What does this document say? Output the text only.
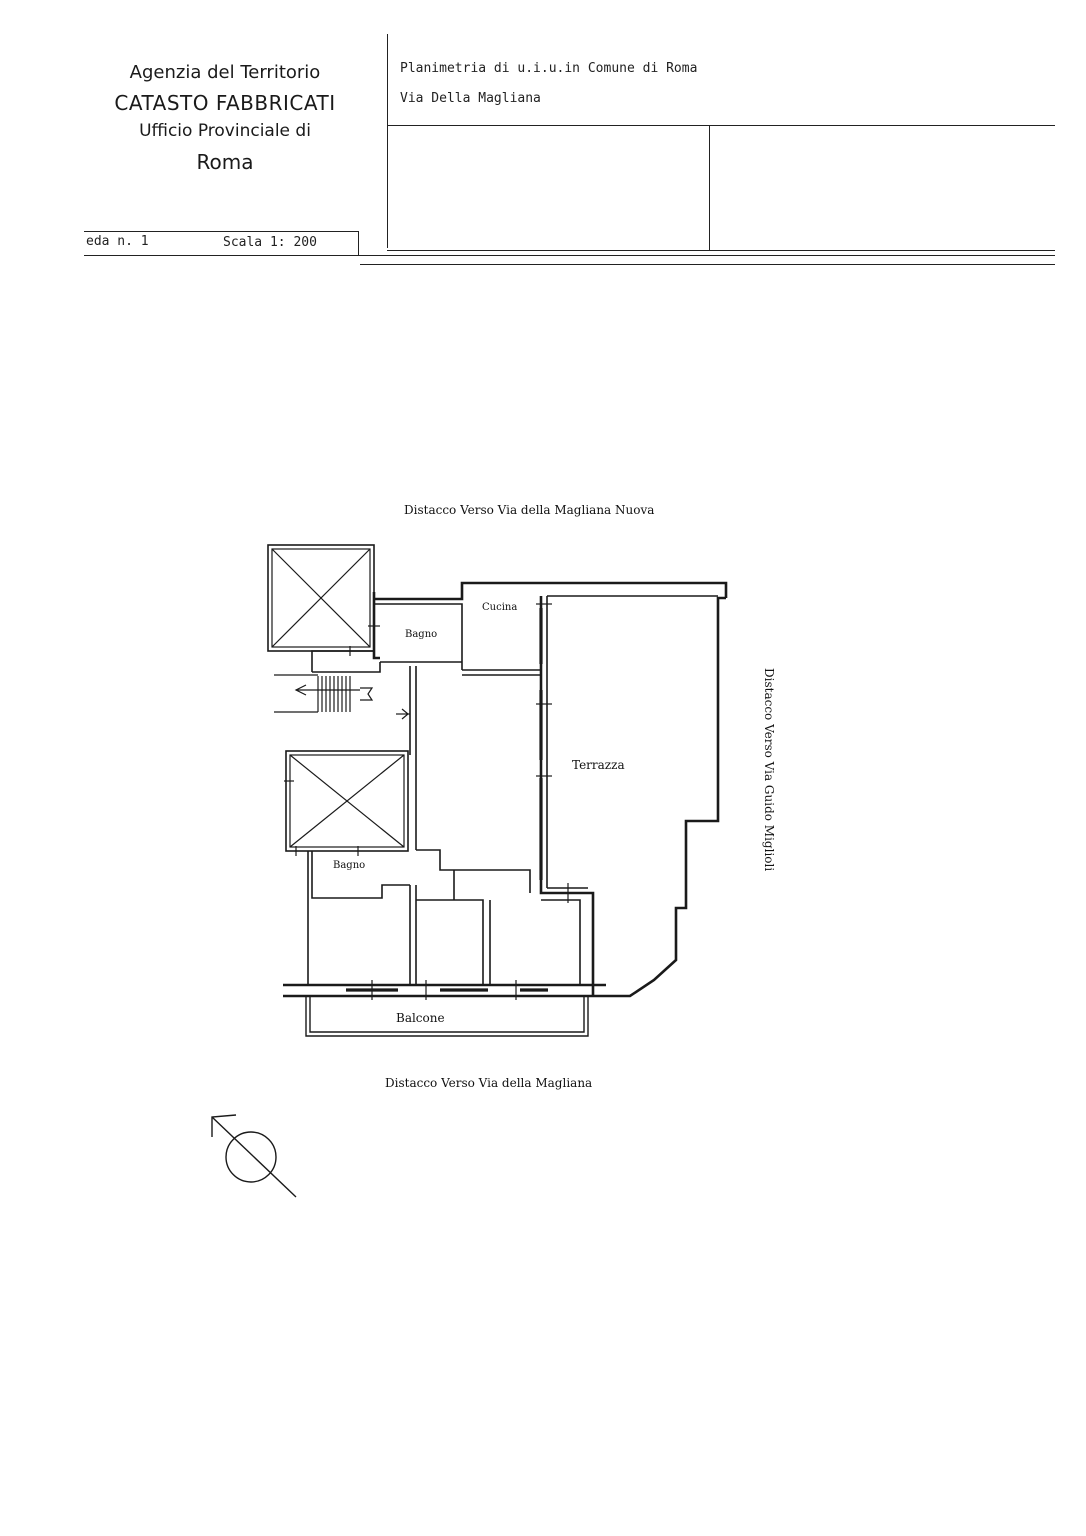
Agenzia del Territorio
CATASTO FABBRICATI
Ufficio Provinciale di
Roma
Planimetria di u.i.u.in Comune di Roma
Via Della Magliana
eda n. 1	Scala 1: 200
Distacco Verso Via della Magliana Nuova
Distacco Verso Via Guido Miglioli
Distacco Verso Via della Magliana
Cucina
Bagno
Bagno
Terrazza
Balcone
